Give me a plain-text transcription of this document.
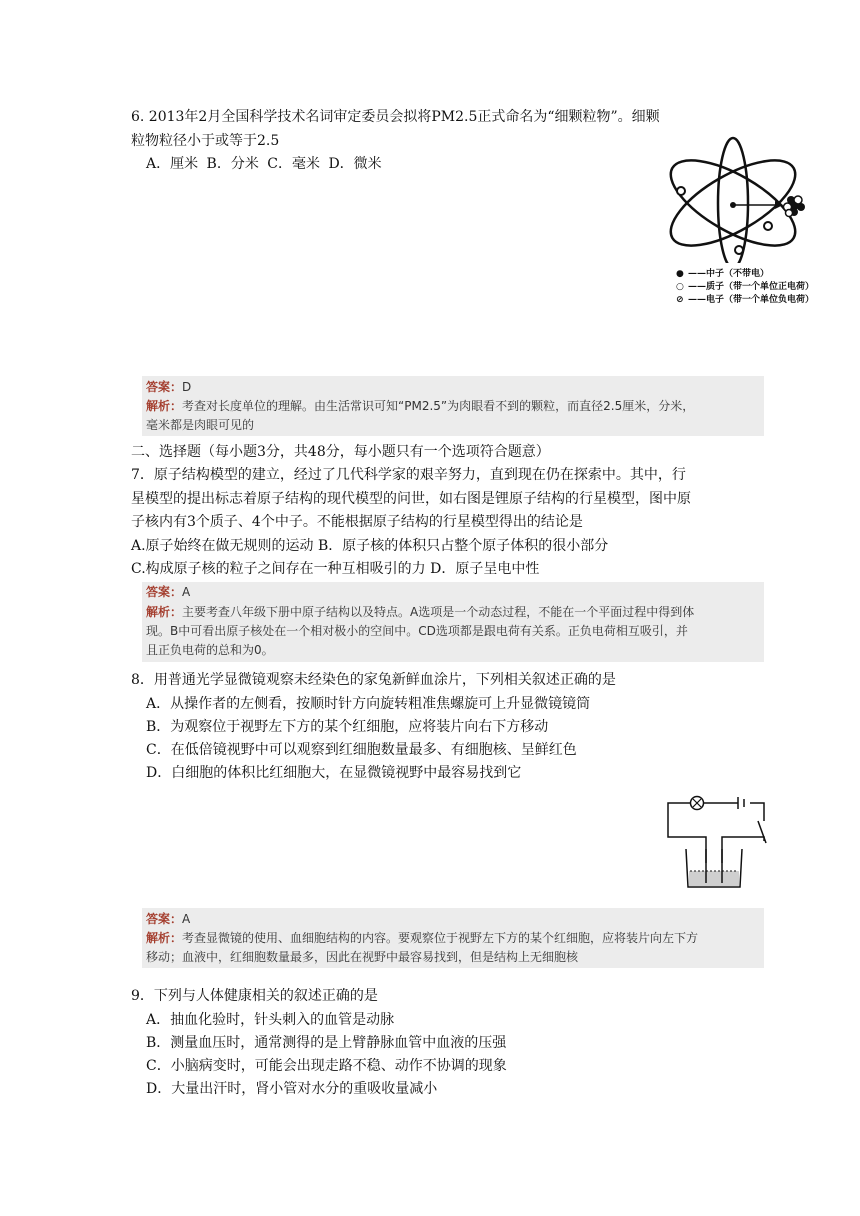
6. 2013年2月全国科学技术名词审定委员会拟将PM2.5正式命名为“细颗粒物”。细颗
粒物粒径小于或等于2.5
A．厘米 B．分米 C．毫米 D．微米
● ——中子（不带电）
○ ——质子（带一个单位正电荷）
⊘ ——电子（带一个单位负电荷）
答案：D
解析：考查对长度单位的理解。由生活常识可知“PM2.5”为肉眼看不到的颗粒，而直径2.5厘米，分米，
毫米都是肉眼可见的
二、选择题（每小题3分，共48分，每小题只有一个选项符合题意）
7．原子结构模型的建立，经过了几代科学家的艰辛努力，直到现在仍在探索中。其中，行
星模型的提出标志着原子结构的现代模型的问世，如右图是锂原子结构的行星模型，图中原
子核内有3个质子、4个中子。不能根据原子结构的行星模型得出的结论是
A.原子始终在做无规则的运动 B．原子核的体积只占整个原子体积的很小部分
C.构成原子核的粒子之间存在一种互相吸引的力 D．原子呈电中性
答案：A
解析：主要考查八年级下册中原子结构以及特点。A选项是一个动态过程，不能在一个平面过程中得到体
现。B中可看出原子核处在一个相对极小的空间中。CD选项都是跟电荷有关系。正负电荷相互吸引，并
且正负电荷的总和为0。
8．用普通光学显微镜观察未经染色的家兔新鲜血涂片，下列相关叙述正确的是
A．从操作者的左侧看，按顺时针方向旋转粗准焦螺旋可上升显微镜镜筒
B．为观察位于视野左下方的某个红细胞，应将装片向右下方移动
C．在低倍镜视野中可以观察到红细胞数量最多、有细胞核、呈鲜红色
D．白细胞的体积比红细胞大，在显微镜视野中最容易找到它
答案：A
解析：考查显微镜的使用、血细胞结构的内容。要观察位于视野左下方的某个红细胞，应将装片向左下方
移动；血液中，红细胞数量最多，因此在视野中最容易找到，但是结构上无细胞核
9．下列与人体健康相关的叙述正确的是
A．抽血化验时，针头刺入的血管是动脉
B．测量血压时，通常测得的是上臂静脉血管中血液的压强
C．小脑病变时，可能会出现走路不稳、动作不协调的现象
D．大量出汗时，肾小管对水分的重吸收量减小
